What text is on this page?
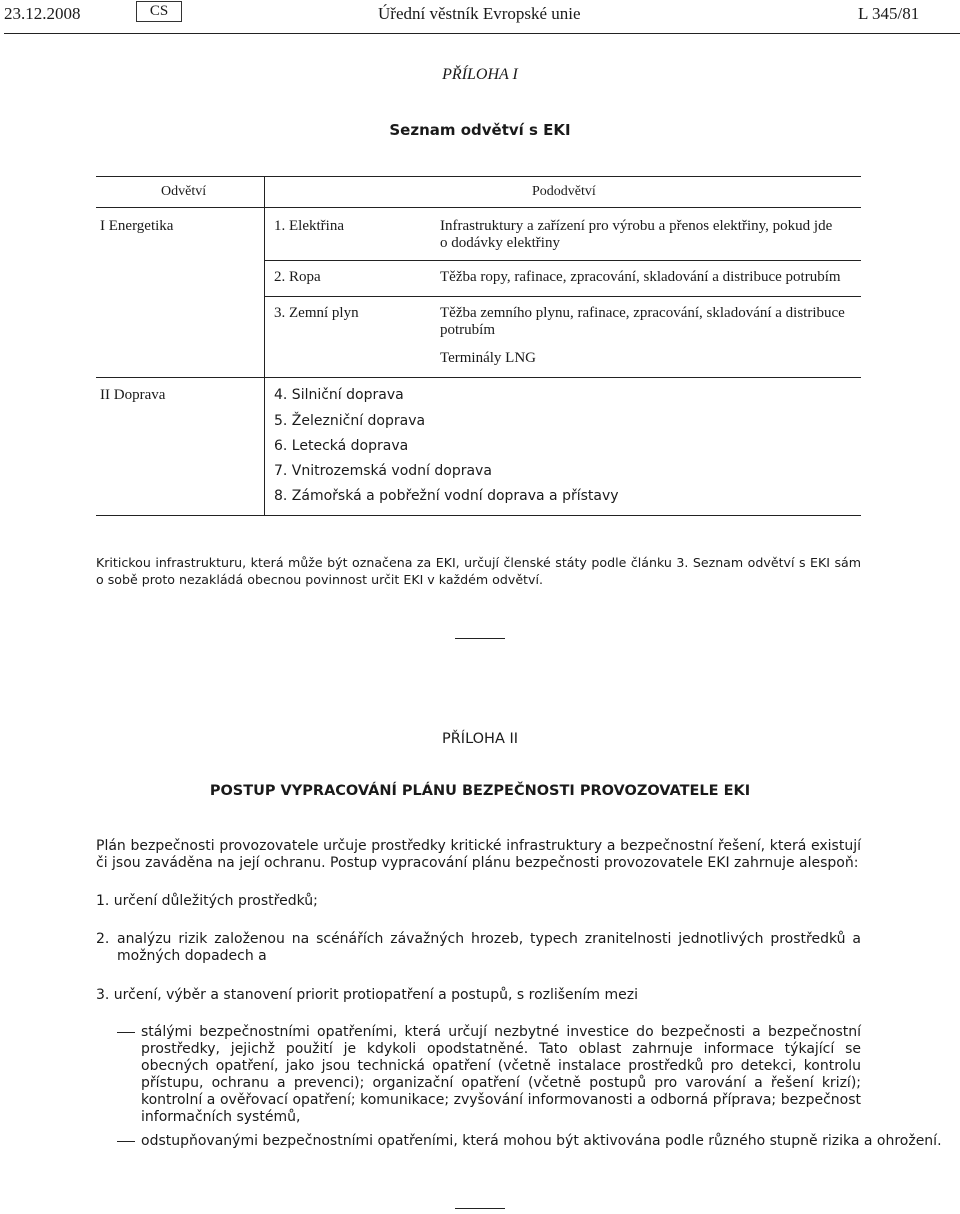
23.12.2008	CS	Úřední věstník Evropské unie	L 345/81
PŘÍLOHA I
Seznam odvětví s EKI
Odvětví	Pododvětví
I Energetika	1. Elektřina	Infrastruktury a zařízení pro výrobu a přenos elektřiny, pokud jde
o dodávky elektřiny
2. Ropa	Těžba ropy, rafinace, zpracování, skladování a distribuce potrubím
3. Zemní plyn	Těžba zemního plynu, rafinace, zpracování, skladování a distribuce
potrubím
Terminály LNG
II Doprava	4. Silniční doprava
5. Železniční doprava
6. Letecká doprava
7. Vnitrozemská vodní doprava
8. Zámořská a pobřežní vodní doprava a přístavy
Kritickou infrastrukturu, která může být označena za EKI, určují členské státy podle článku 3. Seznam odvětví s EKI sám o sobě proto nezakládá obecnou povinnost určit EKI v každém odvětví.
PŘÍLOHA II
POSTUP VYPRACOVÁNÍ PLÁNU BEZPEČNOSTI PROVOZOVATELE EKI
Plán bezpečnosti provozovatele určuje prostředky kritické infrastruktury a bezpečnostní řešení, která existují či jsou zaváděna na její ochranu. Postup vypracování plánu bezpečnosti provozovatele EKI zahrnuje alespoň:
1. určení důležitých prostředků;
2. analýzu rizik založenou na scénářích závažných hrozeb, typech zranitelnosti jednotlivých prostředků a možných dopadech a
3. určení, výběr a stanovení priorit protiopatření a postupů, s rozlišením mezi
stálými bezpečnostními opatřeními, která určují nezbytné investice do bezpečnosti a bezpečnostní prostředky, jejichž použití je kdykoli opodstatněné. Tato oblast zahrnuje informace týkající se obecných opatření, jako jsou technická opatření (včetně instalace prostředků pro detekci, kontrolu přístupu, ochranu a prevenci); organizační opatření (včetně postupů pro varování a řešení krizí); kontrolní a ověřovací opatření; komunikace; zvyšování informovanosti a odborná příprava; bezpečnost informačních systémů,
odstupňovanými bezpečnostními opatřeními, která mohou být aktivována podle různého stupně rizika a ohrožení.
